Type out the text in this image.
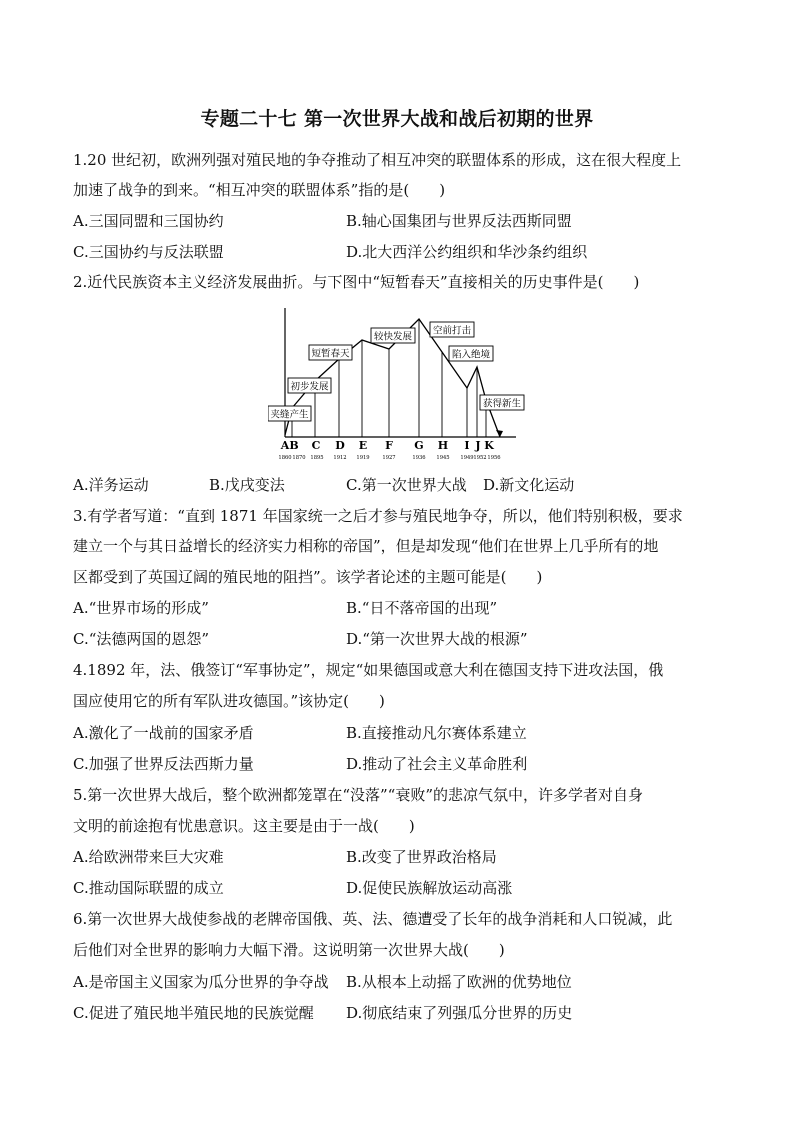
专题二十七 第一次世界大战和战后初期的世界
1.20 世纪初，欧洲列强对殖民地的争夺推动了相互冲突的联盟体系的形成，这在很大程度上
加速了战争的到来。“相互冲突的联盟体系”指的是(　　)
A.三国同盟和三国协约	B.轴心国集团与世界反法西斯同盟
C.三国协约与反法联盟	D.北大西洋公约组织和华沙条约组织
2.近代民族资本主义经济发展曲折。与下图中“短暂春天”直接相关的历史事件是(　　)
夹缝产生
初步发展
短暂春天
较快发展
空前打击
陷入绝境
获得新生
A B C D E F G H I J K
1860 1870 1895 1912 1919 1927	1936 1945 1949 1952 1956
A.洋务运动	B.戊戌变法	C.第一次世界大战 D.新文化运动
3.有学者写道：“直到 1871 年国家统一之后才参与殖民地争夺，所以，他们特别积极，要求
建立一个与其日益增长的经济实力相称的帝国”，但是却发现“他们在世界上几乎所有的地
区都受到了英国辽阔的殖民地的阻挡”。该学者论述的主题可能是(　　)
A.“世界市场的形成”	B.“日不落帝国的出现”
C.“法德两国的恩怨”	D.“第一次世界大战的根源”
4.1892 年，法、俄签订“军事协定”，规定“如果德国或意大利在德国支持下进攻法国，俄
国应使用它的所有军队进攻德国。”该协定(　　)
A.激化了一战前的国家矛盾	B.直接推动凡尔赛体系建立
C.加强了世界反法西斯力量	D.推动了社会主义革命胜利
5.第一次世界大战后，整个欧洲都笼罩在“没落”“衰败”的悲凉气氛中，许多学者对自身
文明的前途抱有忧患意识。这主要是由于一战(　　)
A.给欧洲带来巨大灾难	B.改变了世界政治格局
C.推动国际联盟的成立	D.促使民族解放运动高涨
6.第一次世界大战使参战的老牌帝国俄、英、法、德遭受了长年的战争消耗和人口锐减，此
后他们对全世界的影响力大幅下滑。这说明第一次世界大战(　　)
A.是帝国主义国家为瓜分世界的争夺战 B.从根本上动摇了欧洲的优势地位
C.促进了殖民地半殖民地的民族觉醒 D.彻底结束了列强瓜分世界的历史
